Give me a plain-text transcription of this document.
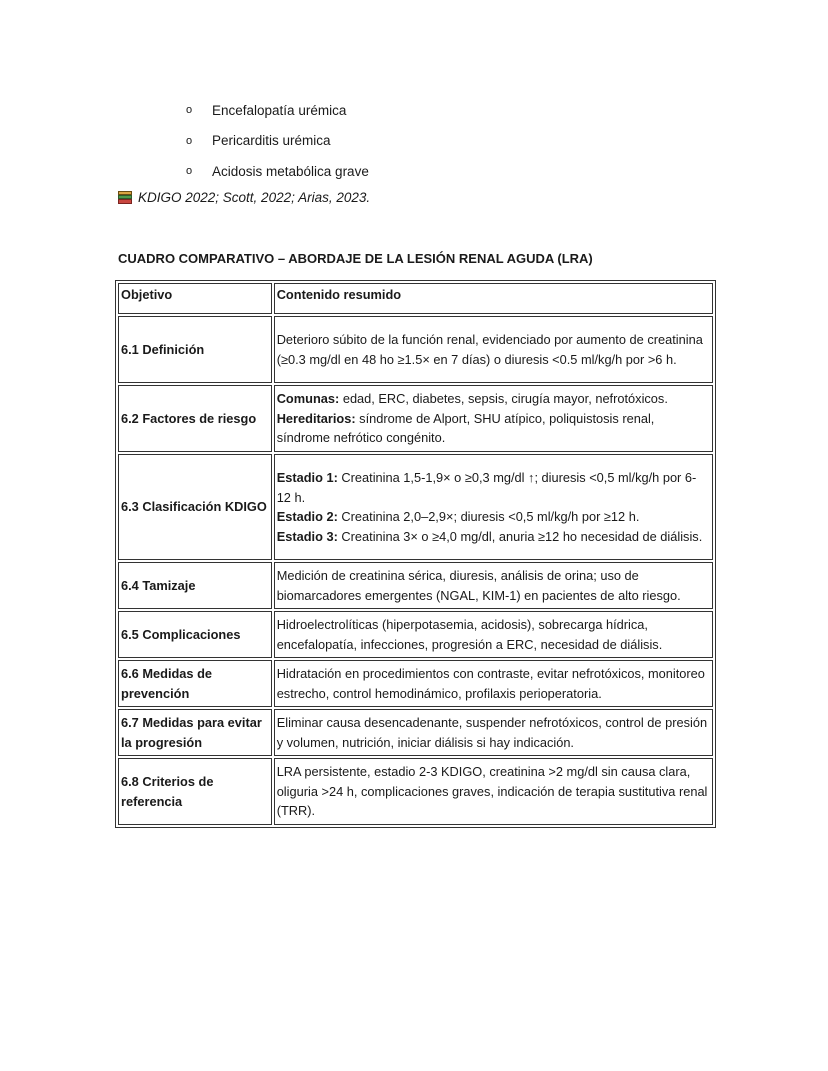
o	Encefalopatía urémica
o	Pericarditis urémica
o	Acidosis metabólica grave
KDIGO 2022; Scott, 2022; Arias, 2023.
CUADRO COMPARATIVO – ABORDAJE DE LA LESIÓN RENAL AGUDA (LRA)
Objetivo	Contenido resumido
6.1 Definición	Deterioro súbito de la función renal, evidenciado por aumento de creatinina (≥0.3 mg/dl en 48 ho ≥1.5× en 7 días) o diuresis <0.5 ml/kg/h por >6 h.
6.2 Factores de riesgo	Comunas: edad, ERC, diabetes, sepsis, cirugía mayor, nefrotóxicos.
Hereditarios: síndrome de Alport, SHU atípico, poliquistosis renal, síndrome nefrótico congénito.
6.3 Clasificación KDIGO	Estadio 1: Creatinina 1,5-1,9× o ≥0,3 mg/dl ↑; diuresis <0,5 ml/kg/h por 6-12 h.
Estadio 2: Creatinina 2,0–2,9×; diuresis <0,5 ml/kg/h por ≥12 h.
Estadio 3: Creatinina 3× o ≥4,0 mg/dl, anuria ≥12 ho necesidad de diálisis.
6.4 Tamizaje	Medición de creatinina sérica, diuresis, análisis de orina; uso de biomarcadores emergentes (NGAL, KIM-1) en pacientes de alto riesgo.
6.5 Complicaciones	Hidroelectrolíticas (hiperpotasemia, acidosis), sobrecarga hídrica, encefalopatía, infecciones, progresión a ERC, necesidad de diálisis.
6.6 Medidas de prevención	Hidratación en procedimientos con contraste, evitar nefrotóxicos, monitoreo estrecho, control hemodinámico, profilaxis perioperatoria.
6.7 Medidas para evitar la progresión	Eliminar causa desencadenante, suspender nefrotóxicos, control de presión y volumen, nutrición, iniciar diálisis si hay indicación.
6.8 Criterios de referencia	LRA persistente, estadio 2-3 KDIGO, creatinina >2 mg/dl sin causa clara, oliguria >24 h, complicaciones graves, indicación de terapia sustitutiva renal (TRR).
